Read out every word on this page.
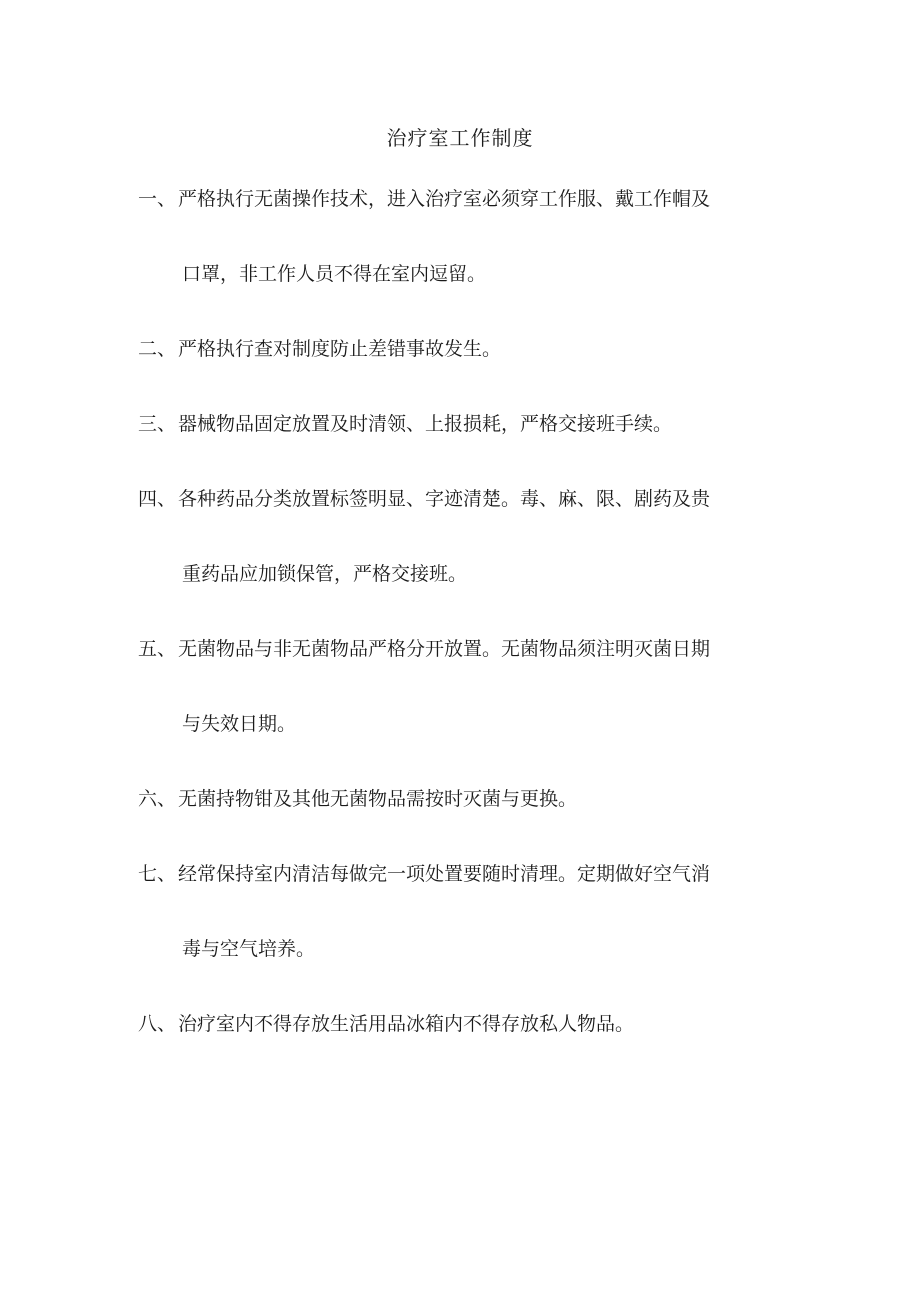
治疗室工作制度
一、 严格执行无菌操作技术，进入治疗室必须穿工作服、戴工作帽及
口罩，非工作人员不得在室内逗留。
二、 严格执行查对制度防止差错事故发生。
三、 器械物品固定放置及时清领、上报损耗，严格交接班手续。
四、 各种药品分类放置标签明显、字迹清楚。毒、麻、限、剧药及贵
重药品应加锁保管，严格交接班。
五、 无菌物品与非无菌物品严格分开放置。无菌物品须注明灭菌日期
与失效日期。
六、 无菌持物钳及其他无菌物品需按时灭菌与更换。
七、 经常保持室内清洁每做完一项处置要随时清理。定期做好空气消
毒与空气培养。
八、 治疗室内不得存放生活用品冰箱内不得存放私人物品。
